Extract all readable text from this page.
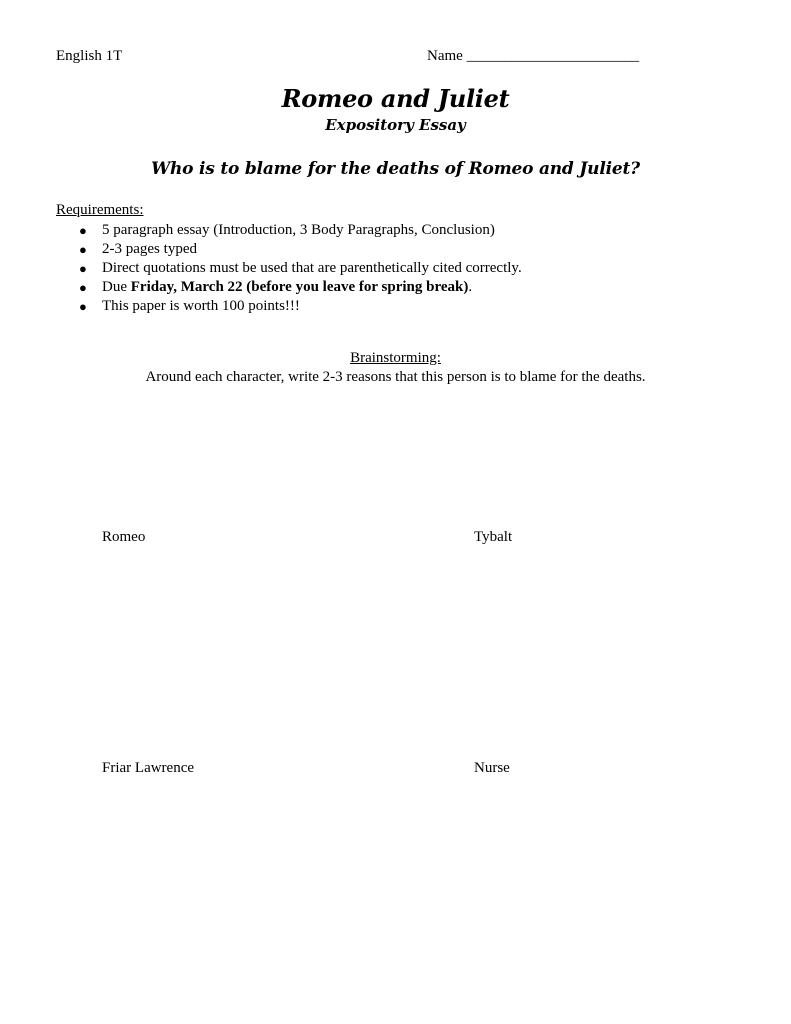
English 1T	Name _______________________
Romeo and Juliet
Expository Essay
Who is to blame for the deaths of Romeo and Juliet?
Requirements:
● 5 paragraph essay (Introduction, 3 Body Paragraphs, Conclusion)
● 2-3 pages typed
● Direct quotations must be used that are parenthetically cited correctly.
● Due Friday, March 22 (before you leave for spring break).
● This paper is worth 100 points!!!
Brainstorming:
Around each character, write 2-3 reasons that this person is to blame for the deaths.
Romeo	Tybalt
Friar Lawrence	Nurse
